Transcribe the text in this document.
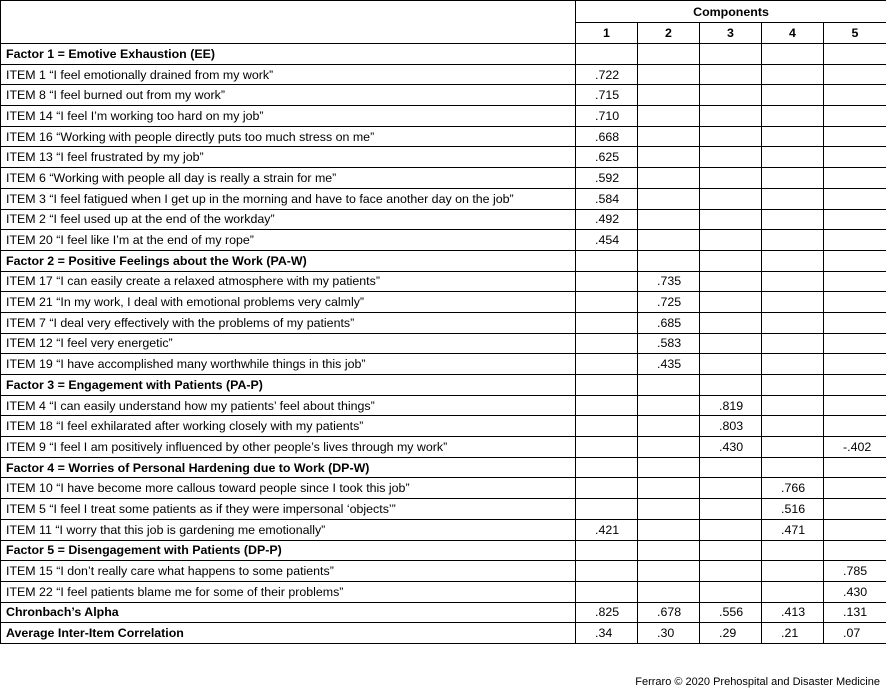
	Components				
	1	2	3	4	5
Factor 1 = Emotive Exhaustion (EE)					
ITEM 1 “I feel emotionally drained from my work”	.722				
ITEM 8 “I feel burned out from my work”	.715				
ITEM 14 “I feel I’m working too hard on my job”	.710				
ITEM 16 “Working with people directly puts too much stress on me”	.668				
ITEM 13 “I feel frustrated by my job”	.625				
ITEM 6 “Working with people all day is really a strain for me”	.592				
ITEM 3 “I feel fatigued when I get up in the morning and have to face another day on the job”	.584				
ITEM 2 “I feel used up at the end of the workday”	.492				
ITEM 20 “I feel like I’m at the end of my rope”	.454				
Factor 2 = Positive Feelings about the Work (PA-W)					
ITEM 17 “I can easily create a relaxed atmosphere with my patients”		.735			
ITEM 21 “In my work, I deal with emotional problems very calmly”		.725			
ITEM 7 “I deal very effectively with the problems of my patients”		.685			
ITEM 12 “I feel very energetic”		.583			
ITEM 19 “I have accomplished many worthwhile things in this job”		.435			
Factor 3 = Engagement with Patients (PA-P)					
ITEM 4 “I can easily understand how my patients’ feel about things”			.819		
ITEM 18 “I feel exhilarated after working closely with my patients”			.803		
ITEM 9 “I feel I am positively influenced by other people’s lives through my work”			.430		-.402
Factor 4 = Worries of Personal Hardening due to Work (DP-W)					
ITEM 10 “I have become more callous toward people since I took this job”				.766	
ITEM 5 “I feel I treat some patients as if they were impersonal ‘objects’”				.516	
ITEM 11 “I worry that this job is gardening me emotionally”	.421			.471	
Factor 5 = Disengagement with Patients (DP-P)					
ITEM 15 “I don’t really care what happens to some patients”					.785
ITEM 22 “I feel patients blame me for some of their problems”					.430
Chronbach’s Alpha	.825	.678	.556	.413	.131
Average Inter-Item Correlation	.34	.30	.29	.21	.07
Ferraro © 2020 Prehospital and Disaster Medicine
